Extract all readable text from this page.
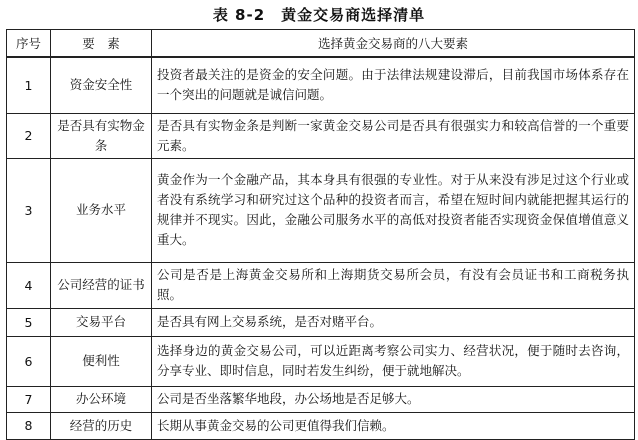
表 8-2　黄金交易商选择清单
序号	要　素	选择黄金交易商的八大要素
1	资金安全性	投资者最关注的是资金的安全问题。由于法律法规建设滞后，目前我国市场体系存在一个突出的问题就是诚信问题。
2	是否具有实物金条	是否具有实物金条是判断一家黄金交易公司是否具有很强实力和较高信誉的一个重要元素。
3	业务水平	黄金作为一个金融产品，其本身具有很强的专业性。对于从来没有涉足过这个行业或者没有系统学习和研究过这个品种的投资者而言，希望在短时间内就能把握其运行的规律并不现实。因此，金融公司服务水平的高低对投资者能否实现资金保值增值意义重大。
4	公司经营的证书	公司是否是上海黄金交易所和上海期货交易所会员，有没有会员证书和工商税务执照。
5	交易平台	是否具有网上交易系统，是否对赌平台。
6	便利性	选择身边的黄金交易公司，可以近距离考察公司实力、经营状况，便于随时去咨询，分享专业、即时信息，同时若发生纠纷，便于就地解决。
7	办公环境	公司是否坐落繁华地段，办公场地是否足够大。
8	经营的历史	长期从事黄金交易的公司更值得我们信赖。
